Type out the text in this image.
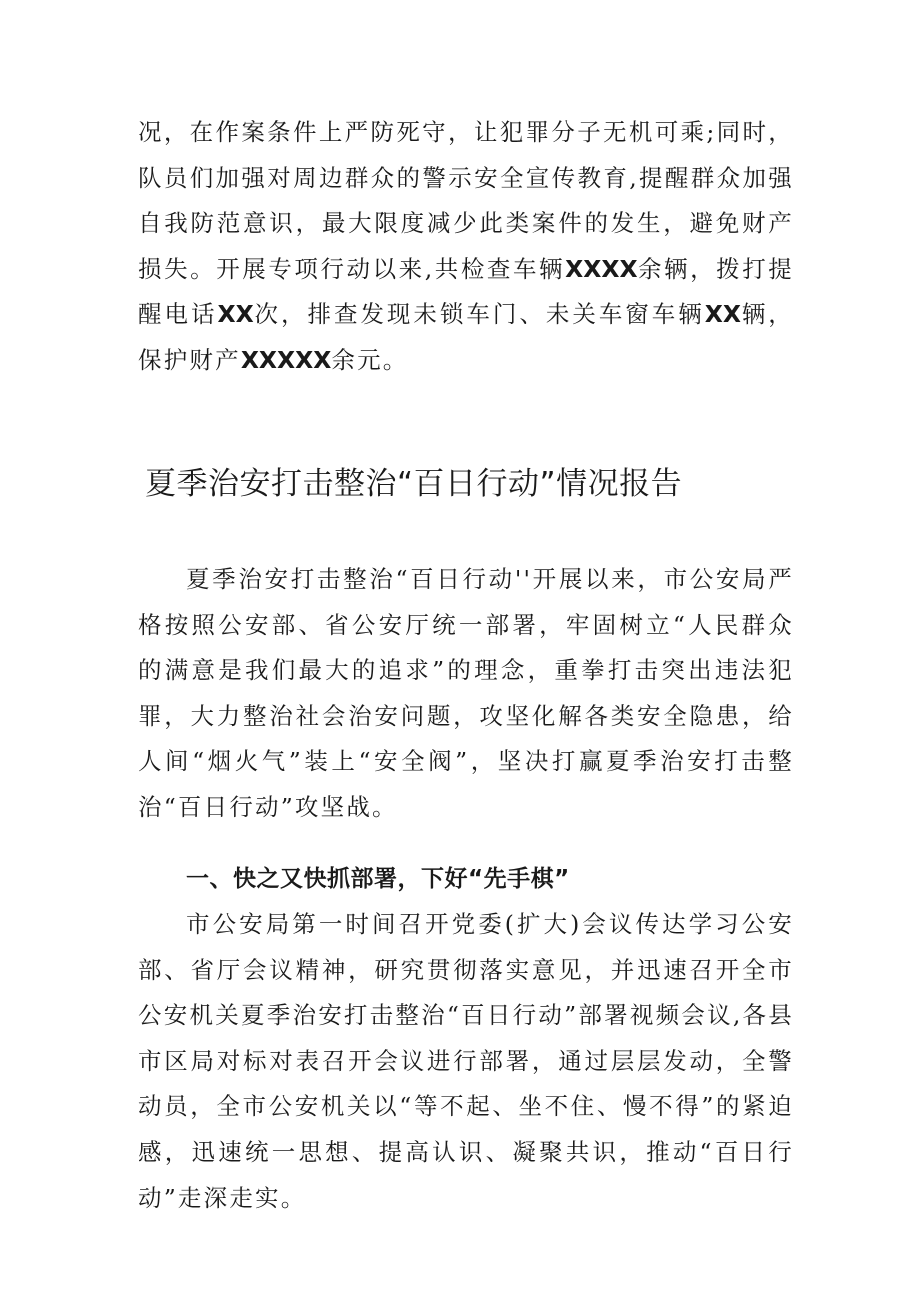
况，在作案条件上严防死守，让犯罪分子无机可乘;同时，队员们加强对周边群众的警示安全宣传教育,提醒群众加强自我防范意识，最大限度减少此类案件的发生，避免财产损失。开展专项行动以来,共检查车辆XXXX余辆，拨打提醒电话XX次，排查发现未锁车门、未关车窗车辆XX辆，保护财产XXXXX余元。

夏季治安打击整治“百日行动”情况报告

夏季治安打击整治“百日行动''开展以来，市公安局严格按照公安部、省公安厅统一部署，牢固树立“人民群众的满意是我们最大的追求”的理念，重拳打击突出违法犯罪，大力整治社会治安问题，攻坚化解各类安全隐患，给人间“烟火气”装上“安全阀”，坚决打赢夏季治安打击整治“百日行动”攻坚战。

一、快之又快抓部署，下好“先手棋”

市公安局第一时间召开党委(扩大)会议传达学习公安部、省厅会议精神，研究贯彻落实意见，并迅速召开全市公安机关夏季治安打击整治“百日行动”部署视频会议,各县市区局对标对表召开会议进行部署，通过层层发动，全警动员，全市公安机关以“等不起、坐不住、慢不得”的紧迫感，迅速统一思想、提高认识、凝聚共识，推动“百日行动”走深走实。
